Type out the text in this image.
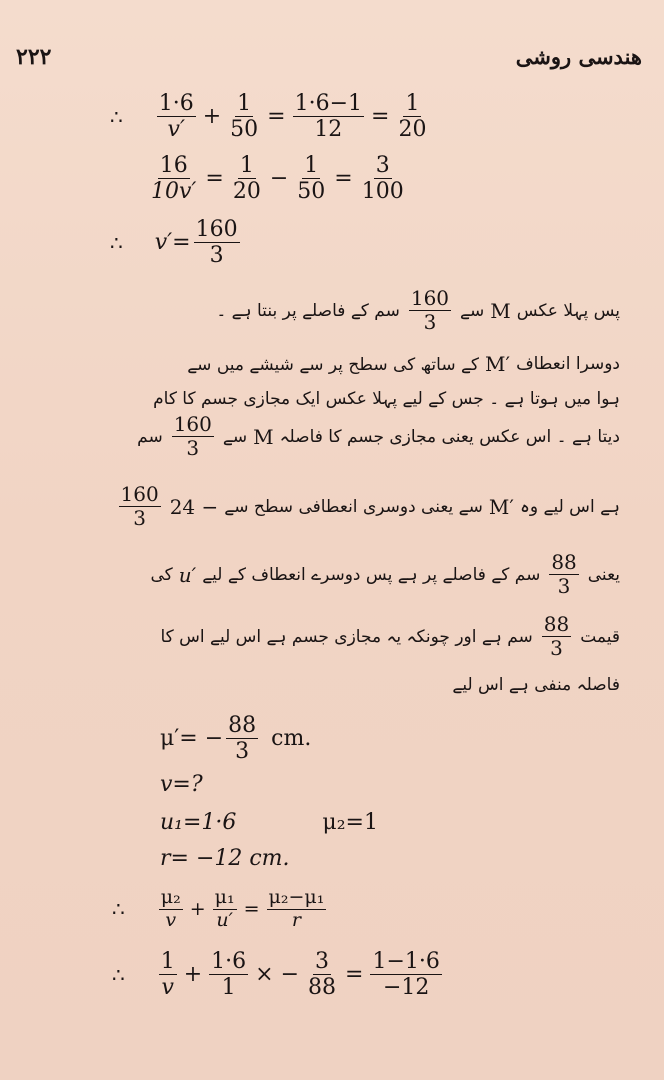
۲۲۲	ھندسی روشی
∴ $\frac{1\cdot 6}{v'} + \frac{1}{50} = \frac{1\cdot 6-1}{12} = \frac{1}{20}$
$\frac{16}{10v'} = \frac{1}{20} - \frac{1}{50} = \frac{3}{100}$
∴ $v'= \frac{160}{3}$
پس پہلا عکس
M
سے
$\frac{160}{3}$
سم کے فاصلے پر بنتا ہے ۔
دوسرا انعطاف
M′
کے ساتھ کی سطح پر سے شیشے میں سے
ہوا میں ہوتا ہے ۔ جس کے لیے پہلا عکس ایک مجازی جسم کا کام
دیتا ہے ۔ اس عکس یعنی مجازی جسم کا فاصلہ
M
سے
$\frac{160}{3}$
سم
ہے اس لیے وہ
M′
سے یعنی دوسری انعطافی سطح سے
24 −
$\frac{160}{3}$
یعنی
$\frac{88}{3}$
سم کے فاصلے پر ہے پس دوسرے انعطاف کے لیے
u′
کی
قیمت
$\frac{88}{3}$
سم ہے اور چونکہ یہ مجازی جسم ہے اس لیے اس کا
فاصلہ منفی ہے اس لیے
$\mu'= - \frac{88}{3}$ cm.
v=?
u₁=1·6	μ₂=1
r= −12 cm.
∴ $\frac{\text{μ₂}}{v} + \frac{\text{μ₁}}{u'} = \frac{\text{μ₂−μ₁}}{r}$
∴ $\frac{1}{v} + \frac{1\cdot 6}{1}$ × − $\frac{3}{88} = \frac{1-1\cdot 6}{-12}$
